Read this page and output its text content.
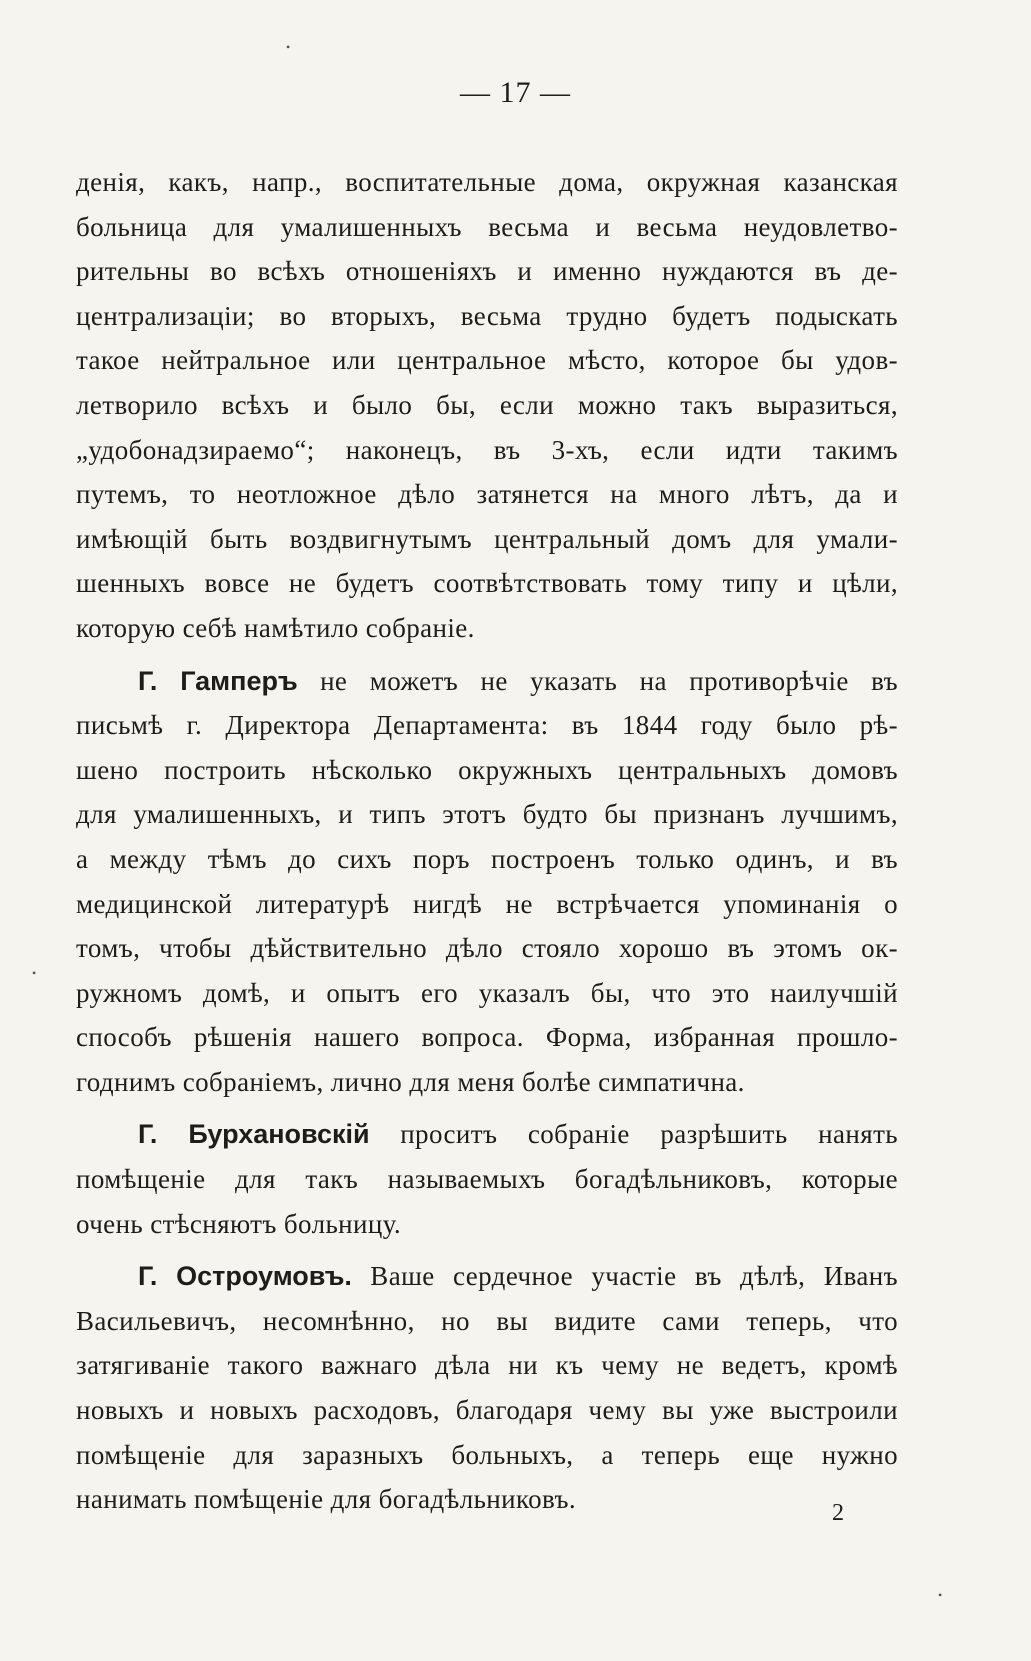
— 17 —
денія, какъ, напр., воспитательные дома, окружная казанская
больница для умалишенныхъ весьма и весьма неудовлетво-
рительны во всѣхъ отношеніяхъ и именно нуждаются въ де-
централизаціи; во вторыхъ, весьма трудно будетъ подыскать
такое нейтральное или центральное мѣсто, которое бы удов-
летворило всѣхъ и было бы, если можно такъ выразиться,
„удобонадзираемо“; наконецъ, въ 3-хъ, если идти такимъ
путемъ, то неотложное дѣло затянется на много лѣтъ, да и
имѣющій быть воздвигнутымъ центральный домъ для умали-
шенныхъ вовсе не будетъ соотвѣтствовать тому типу и цѣли,
которую себѣ намѣтило собраніе.
Г. Гамперъ не можетъ не указать на противорѣчіе въ
письмѣ г. Директора Департамента: въ 1844 году было рѣ-
шено построить нѣсколько окружныхъ центральныхъ домовъ
для умалишенныхъ, и типъ этотъ будто бы признанъ лучшимъ,
а между тѣмъ до сихъ поръ построенъ только одинъ, и въ
медицинской литературѣ нигдѣ не встрѣчается упоминанія о
томъ, чтобы дѣйствительно дѣло стояло хорошо въ этомъ ок-
ружномъ домѣ, и опытъ его указалъ бы, что это наилучшій
способъ рѣшенія нашего вопроса. Форма, избранная прошло-
годнимъ собраніемъ, лично для меня болѣе симпатична.
Г. Бурхановскій проситъ собраніе разрѣшить нанять
помѣщеніе для такъ называемыхъ богадѣльниковъ, которые
очень стѣсняютъ больницу.
Г. Остроумовъ. Ваше сердечное участіе въ дѣлѣ, Иванъ
Васильевичъ, несомнѣнно, но вы видите сами теперь, что
затягиваніе такого важнаго дѣла ни къ чему не ведетъ, кромѣ
новыхъ и новыхъ расходовъ, благодаря чему вы уже выстроили
помѣщеніе для заразныхъ больныхъ, а теперь еще нужно
нанимать помѣщеніе для богадѣльниковъ.	2
•
•
•
